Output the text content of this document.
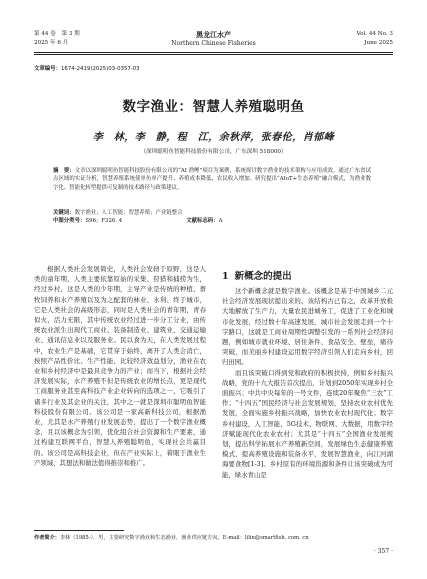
第 44 卷　第 3 期
2025 年 6 月
黑龙江水产
Northern Chinese Fisheries
Vol. 44 No. 3
June 2025
文章编号：1674-2419(2025)03-0357-03
数字渔业：智慧人养殖聪明鱼
李　林，李　静，程　江，余秋萍，张春伦，肖郁峰
（深圳聪明鱼智能科技股份有限公司，广东深圳 518000）
摘　要：文章以深圳聪明鱼智能科技股份有限公司的“AI 渔鲤”项目为案例，系统探讨数字渔业的技术架构与应用成效。通过广东省试点区域的实证分析，智慧养殖系统使单鱼单产提升、养殖成本降低、农民收入增加。研究提出“AIoT+生态养殖”融合模式，为渔业数字化、智能化转型提供可复制的技术路径与政策建议。
关键词：数字渔业；人工智能；智慧养殖；产业链整合
中图分类号：S96；F326. 4	文献标志码：A
根据人类社会发展简史，人类社会发轫于原野，这是人类的童年期，人类主要依靠原始的采集、狩猎和捕捞为生，经过乡村，这是人类的少年期，主导产业是传统的种植、畜牧饲养和水产养殖以及为之配套的林业、水利、终于城市，它是人类社会的高级形态，同时是人类社会的青年期，青春似火，活力无限，其中传统农业经过进一步分工分业，由传统农业派生出现代工商业、装备制造业、建筑业、交通运输业、通讯信息业以及服务业。民以食为天，在人类发展过程中，农业生产是基础，它贯穿于始终，离开了人类会消亡，按照产品性价比、生产性能、比较经济效益划分，渔业在农业和乡村经济中是最具竞争力的产业；而当下，根据社会经济发展实际，水产养殖不但是传统农业的增长点，更是现代工商服务业甚至高科技产业企业转向的选项之一，它吸引了诸多行业及其企业的关注，其中之一就是深圳市聪明鱼智能科技股份有限公司。该公司是一家高新科技公司，根据渔业，尤其是水产养殖行业发展态势，提出了一个数字渔业概念，且以该概念为引领，优化组合社会资源和生产要素，通过构建互联网平台，智慧人养殖聪明鱼，实现社会共赢目的。该公司是高科技企业，但在产业实际上，着眼于渔业生产领域，其想法和做法值得推崇和推广。
1 新概念的提出

这个新概念就是数字渔业。该概念是基于中国城乡二元社会经济发展现状提出来的。该结构古已有之，改革开放极大地解放了生产力，大量农民进城务工，促进了工业化和城市化发展，经过数十年高速发展，城市社会发展走到一个十字路口，这就是工商业周期性调整引发的一系列社会经济问题，例如城市就业环境、居住条件、食品安全、壁垒，痛待突破，而美丽乡村建设运用数字经济引领人们走向乡村，回归田园。

而且该突破口得到党和政府的积极扶持，例如乡村振兴战略，党的十九大报告首次提出，计划到2050年实现乡村全面振兴；中共中央每年的一号文件，连续20年聚焦“三农”工作；“十四五”国民经济与社会发展规划，坚持农业农村优先发展，全面实施乡村振兴战略，加快农业农村现代化；数字乡村建设，人工智能、5G技术、物联网、大数据，用数字经济赋能现代化农业农村；尤其是“十四五”全国渔业发展规划，提出科学拓展水产养殖新空间，发展绿色生态健康养殖模式，提高养殖设施和装备水平，发展智慧渔业，向江河湖海要食物[1-3]。乡村原有的环境资源和条件让该突破成为可能，绿水青山是

作者简介：李林（1985-），男，主要研究数字渔业和生态渔业，渔业供应链方向。E-mail：lilin@smartfish. com. cn
· 357 ·
